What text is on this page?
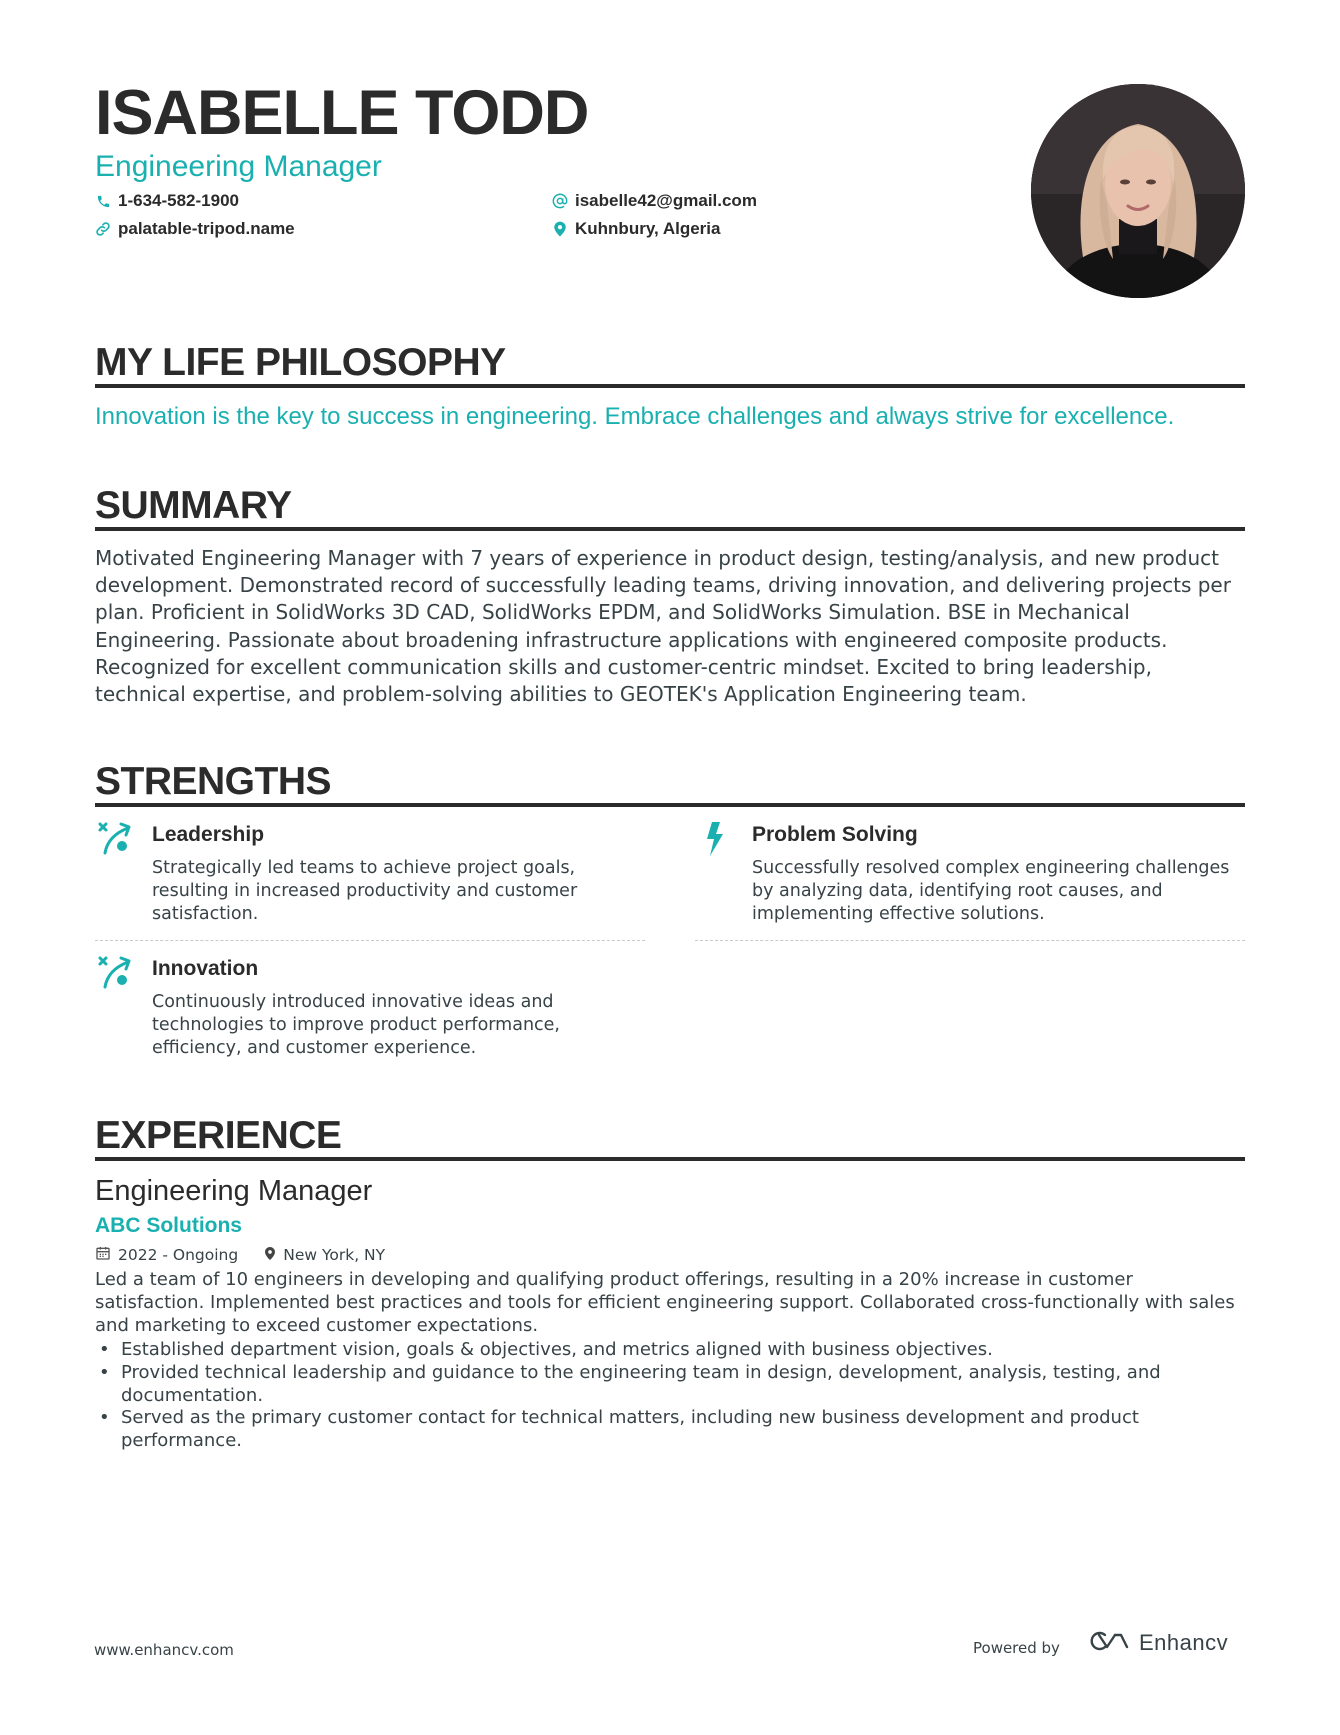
ISABELLE TODD
Engineering Manager
1-634-582-1900
palatable-tripod.name
isabelle42@gmail.com
Kuhnbury, Algeria
MY LIFE PHILOSOPHY
Innovation is the key to success in engineering. Embrace challenges and always strive for excellence.
SUMMARY
Motivated Engineering Manager with 7 years of experience in product design, testing/analysis, and new product development. Demonstrated record of successfully leading teams, driving innovation, and delivering projects per plan. Proficient in SolidWorks 3D CAD, SolidWorks EPDM, and SolidWorks Simulation. BSE in Mechanical Engineering. Passionate about broadening infrastructure applications with engineered composite products. Recognized for excellent communication skills and customer-centric mindset. Excited to bring leadership, technical expertise, and problem-solving abilities to GEOTEK's Application Engineering team.
STRENGTHS
Leadership
Strategically led teams to achieve project goals, resulting in increased productivity and customer satisfaction.
Problem Solving
Successfully resolved complex engineering challenges by analyzing data, identifying root causes, and implementing effective solutions.
Innovation
Continuously introduced innovative ideas and technologies to improve product performance, efficiency, and customer experience.
EXPERIENCE
Engineering Manager
ABC Solutions
2022 - Ongoing	New York, NY
Led a team of 10 engineers in developing and qualifying product offerings, resulting in a 20% increase in customer satisfaction. Implemented best practices and tools for efficient engineering support. Collaborated cross-functionally with sales and marketing to exceed customer expectations.
• Established department vision, goals & objectives, and metrics aligned with business objectives.
• Provided technical leadership and guidance to the engineering team in design, development, analysis, testing, and documentation.
• Served as the primary customer contact for technical matters, including new business development and product performance.
www.enhancv.com	Powered by	Enhancv
